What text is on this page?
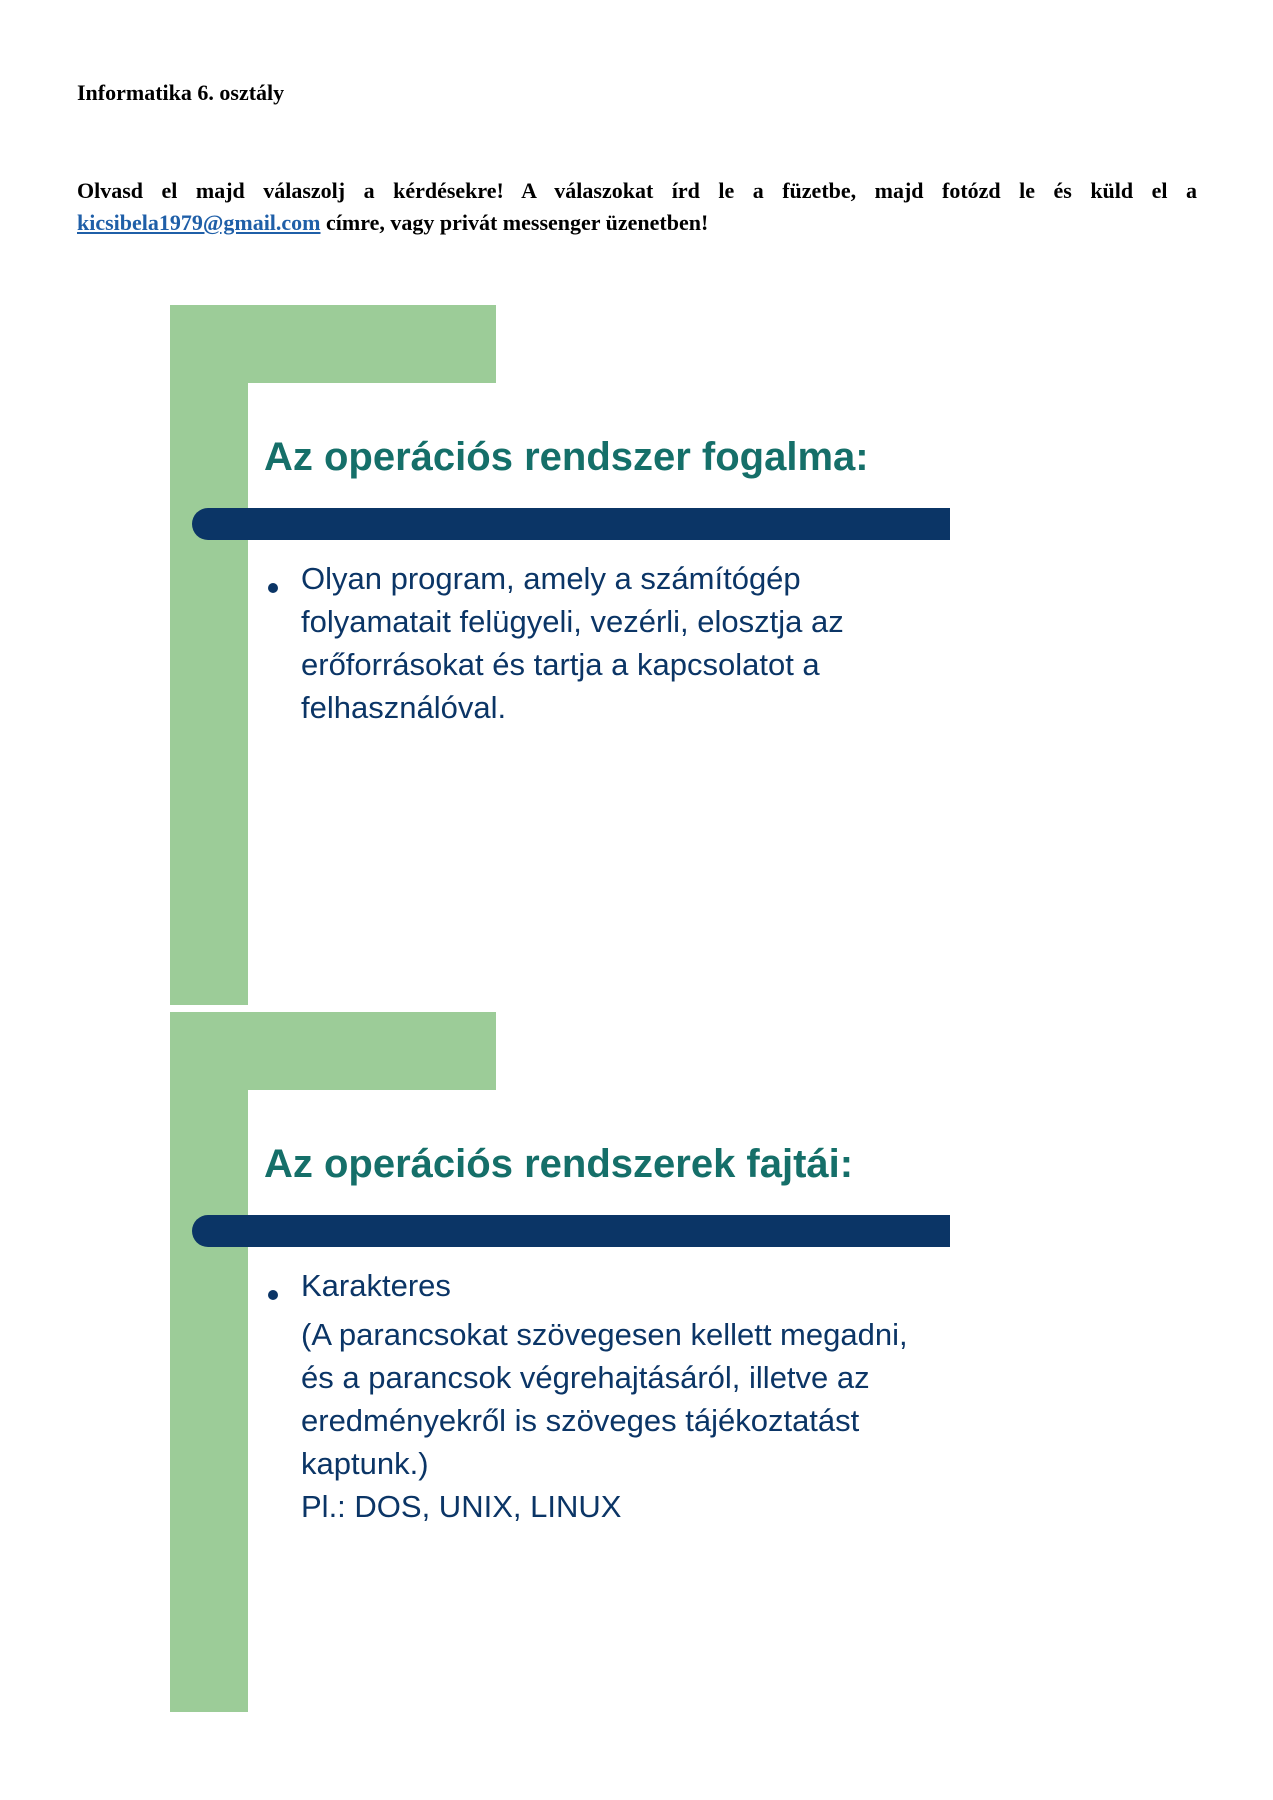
Informatika 6. osztály
Olvasd el majd válaszolj a kérdésekre! A válaszokat írd le a füzetbe, majd fotózd le és küld el a kicsibela1979@gmail.com címre, vagy privát messenger üzenetben!
Az operációs rendszer fogalma:
Olyan program, amely a számítógép
folyamatait felügyeli, vezérli, elosztja az
erőforrásokat és tartja a kapcsolatot a
felhasználóval.
Az operációs rendszerek fajtái:
Karakteres
(A parancsokat szövegesen kellett megadni,
és a parancsok végrehajtásáról, illetve az
eredményekről is szöveges tájékoztatást
kaptunk.)
Pl.: DOS, UNIX, LINUX
